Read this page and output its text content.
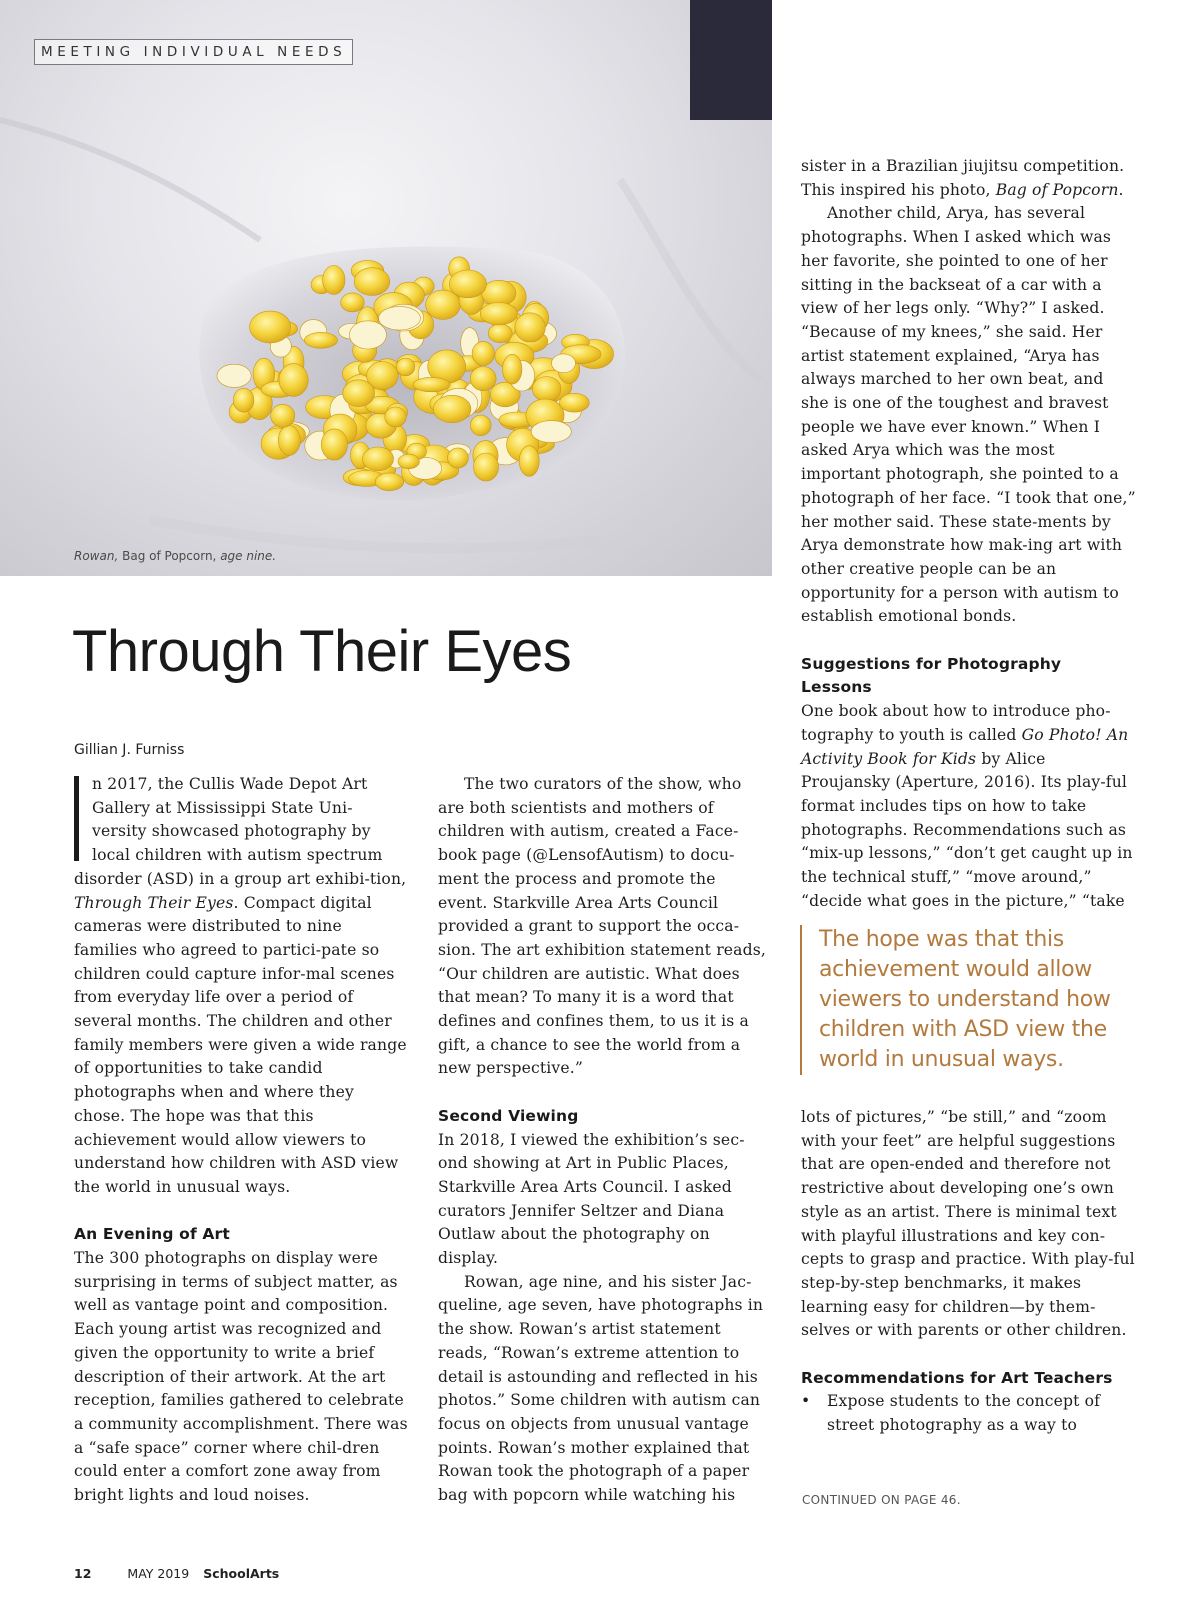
MEETING INDIVIDUAL NEEDS
Rowan, Bag of Popcorn, age nine.
Through Their Eyes
Gillian J. Furniss

n 2017, the Cullis Wade Depot Art
Gallery at Mississippi State Uni-
versity showcased photography by
local children with autism spectrum
disorder (ASD) in a group art exhibi-tion, Through Their Eyes. Compact digital cameras were distributed to nine families who agreed to partici-pate so children could capture infor-mal scenes from everyday life over a period of several months. The children and other family members were given a wide range of opportunities to take candid photographs when and where they chose. The hope was that this achievement would allow viewers to understand how children with ASD view the world in unusual ways.

An Evening of Art

The 300 photographs on display were surprising in terms of subject matter, as well as vantage point and composition. Each young artist was recognized and given the opportunity to write a brief description of their artwork. At the art reception, families gathered to celebrate a community accomplishment. There was a “safe space” corner where chil-dren could enter a comfort zone away from bright lights and loud noises.

The two curators of the show, who are both scientists and mothers of children with autism, created a Face-book page (@LensofAutism) to docu-ment the process and promote the event. Starkville Area Arts Council provided a grant to support the occa-sion. The art exhibition statement reads, “Our children are autistic. What does that mean? To many it is a word that defines and confines them, to us it is a gift, a chance to see the world from a new perspective.”

Second Viewing

In 2018, I viewed the exhibition’s sec-ond showing at Art in Public Places, Starkville Area Arts Council. I asked curators Jennifer Seltzer and Diana Outlaw about the photography on display.

Rowan, age nine, and his sister Jac-queline, age seven, have photographs in the show. Rowan’s artist statement reads, “Rowan’s extreme attention to detail is astounding and reflected in his photos.” Some children with autism can focus on objects from unusual vantage points. Rowan’s mother explained that Rowan took the photograph of a paper bag with popcorn while watching his

sister in a Brazilian jiujitsu competition. This inspired his photo, Bag of Popcorn.

Another child, Arya, has several photographs. When I asked which was her favorite, she pointed to one of her sitting in the backseat of a car with a view of her legs only. “Why?” I asked. “Because of my knees,” she said. Her artist statement explained, “Arya has always marched to her own beat, and she is one of the toughest and bravest people we have ever known.” When I asked Arya which was the most important photograph, she pointed to a photograph of her face. “I took that one,” her mother said. These state-ments by Arya demonstrate how mak-ing art with other creative people can be an opportunity for a person with autism to establish emotional bonds.

Suggestions for Photography Lessons

One book about how to introduce pho-tography to youth is called Go Photo! An Activity Book for Kids by Alice Proujansky (Aperture, 2016). Its play-ful format includes tips on how to take photographs. Recommendations such as “mix-up lessons,” “don’t get caught up in the technical stuff,” “move around,” “decide what goes in the picture,” “take

The hope was that this achievement would allow viewers to understand how children with ASD view the world in unusual ways.

lots of pictures,” “be still,” and “zoom with your feet” are helpful suggestions that are open-ended and therefore not restrictive about developing one’s own style as an artist. There is minimal text with playful illustrations and key con-cepts to grasp and practice. With play-ful step-by-step benchmarks, it makes learning easy for children—by them-selves or with parents or other children.

Recommendations for Art Teachers
•	Expose students to the concept of street photography as a way to
CONTINUED ON PAGE 46.
12	MAY 2019 SchoolArts
